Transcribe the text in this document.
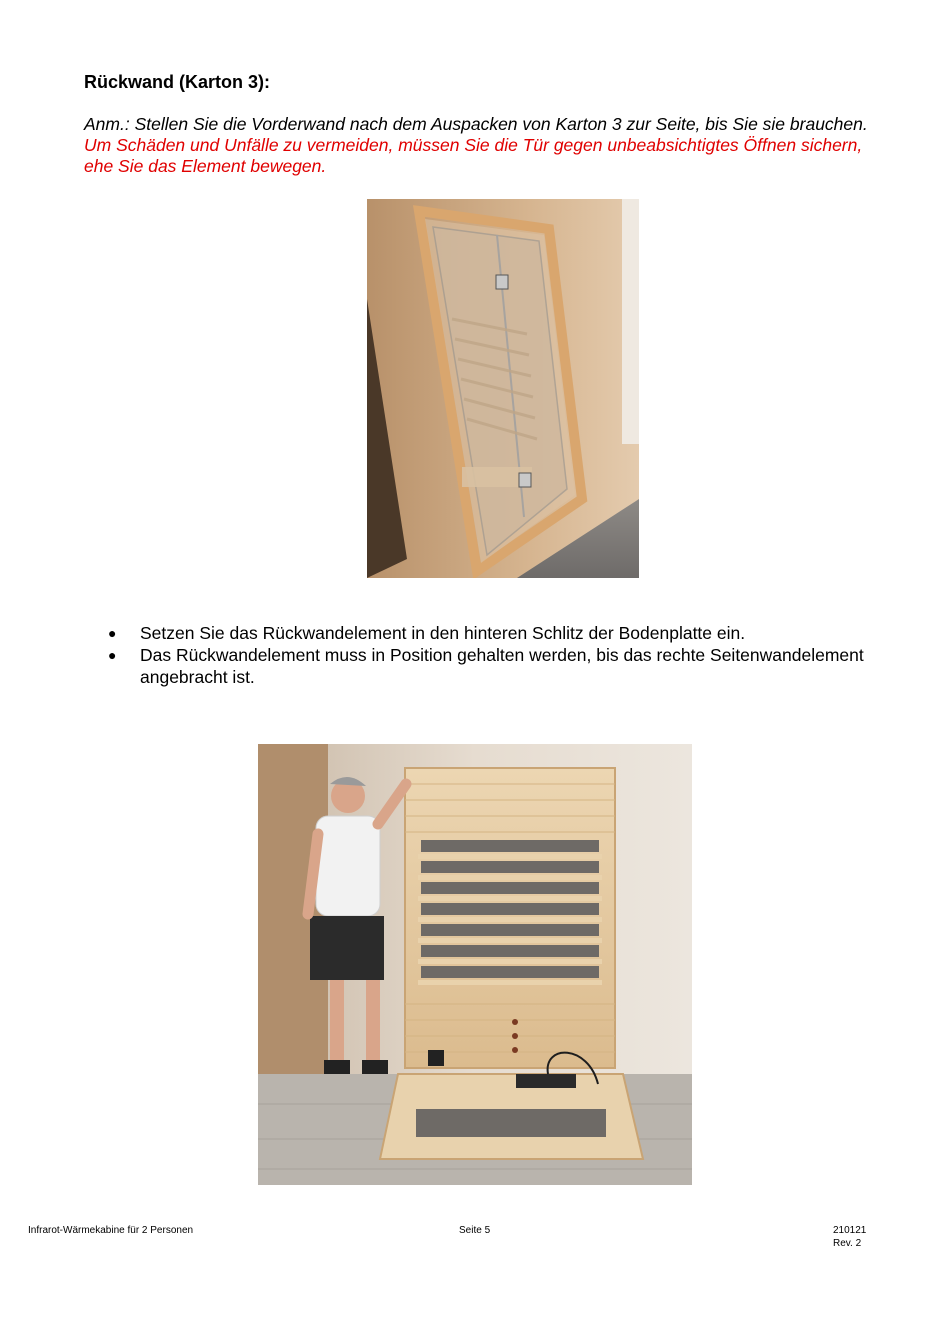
Rückwand (Karton 3):
Anm.: Stellen Sie die Vorderwand nach dem Auspacken von Karton 3 zur Seite, bis Sie sie brauchen.
Um Schäden und Unfälle zu vermeiden, müssen Sie die Tür gegen unbeabsichtigtes Öffnen sichern,
ehe Sie das Element bewegen.
●	Setzen Sie das Rückwandelement in den hinteren Schlitz der Bodenplatte ein.
●	Das Rückwandelement muss in Position gehalten werden, bis das rechte Seitenwandelement angebracht ist.
Infrarot-Wärmekabine für 2 Personen	Seite 5	210121
Rev. 2
